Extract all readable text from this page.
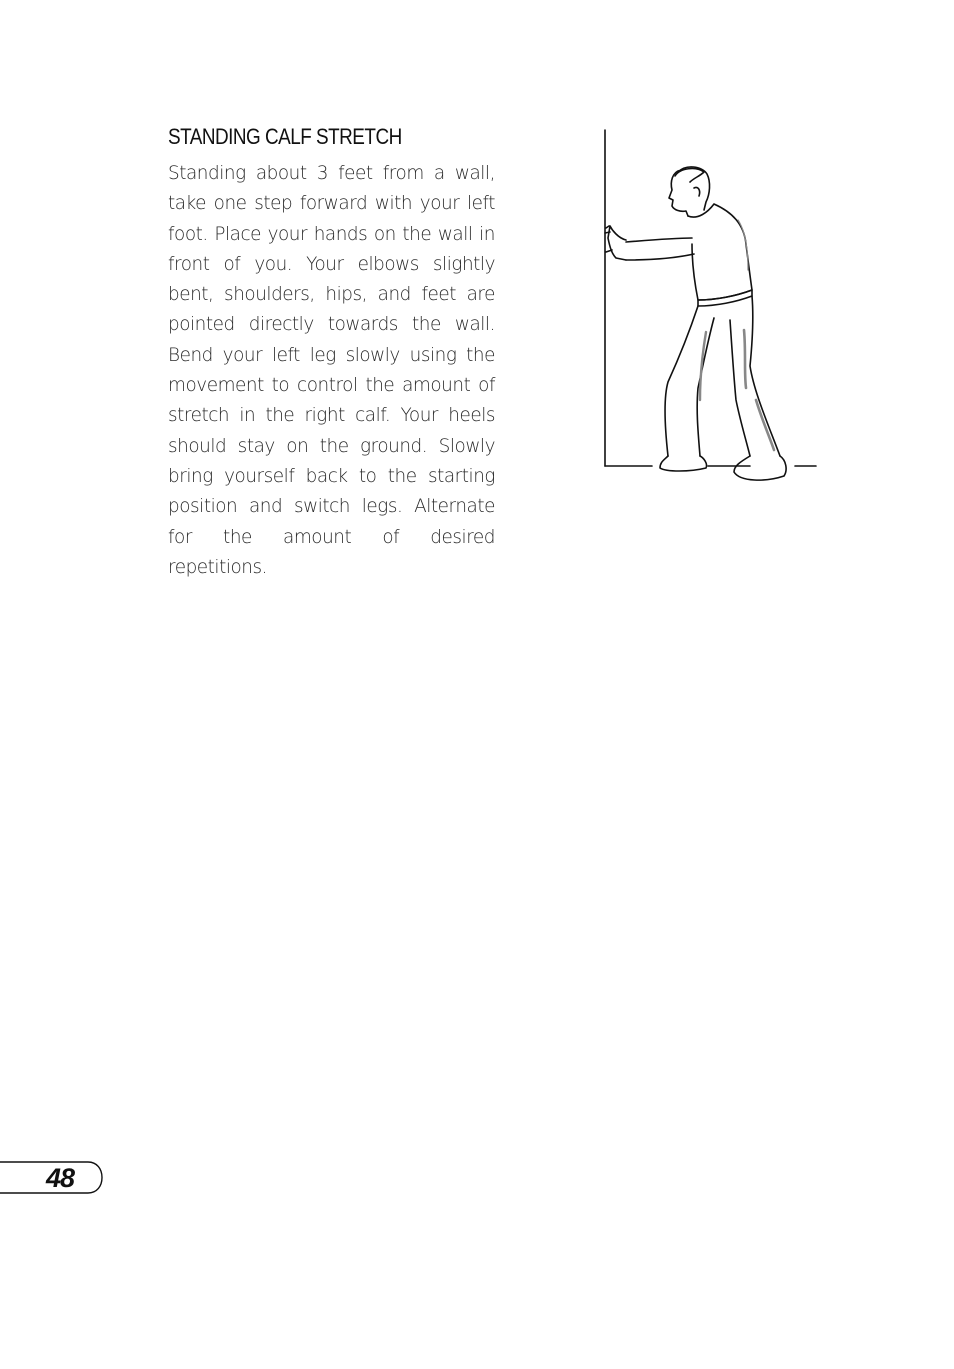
STANDING CALF STRETCH

Standing about 3 feet from a wall, take one step forward with your left foot. Place your hands on the wall in front of you. Your elbows slightly bent, shoulders, hips, and feet are pointed directly towards the wall. Bend your left leg slowly using the movement to control the amount of stretch in the right calf. Your heels should stay on the ground. Slowly bring yourself back to the starting position and switch legs. Alternate for the amount of desired repetitions.

48
